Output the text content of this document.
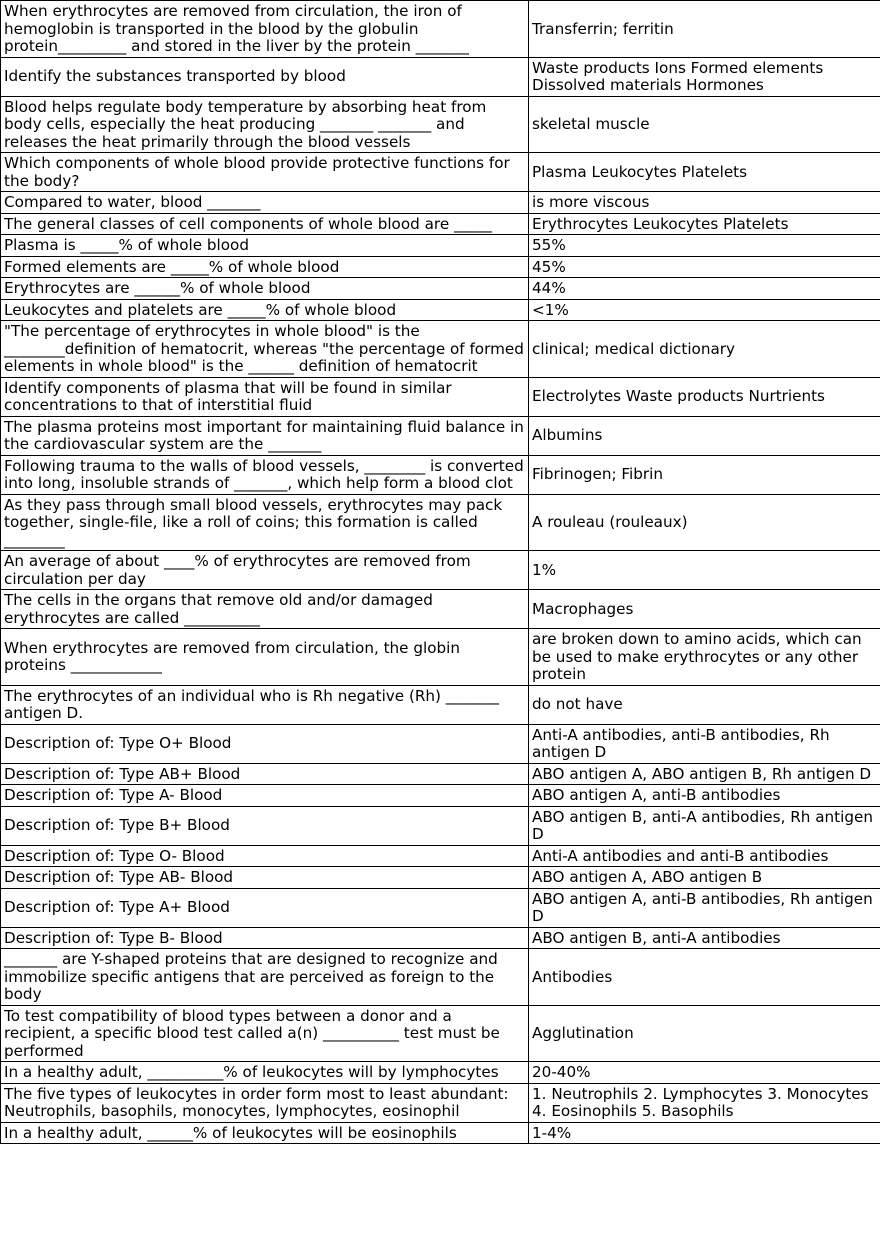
When erythrocytes are removed from circulation, the iron of hemoglobin is transported in the blood by the globulin protein_________ and stored in the liver by the protein _______	Transferrin; ferritin
Identify the substances transported by blood	Waste products Ions Formed elements Dissolved materials Hormones
Blood helps regulate body temperature by absorbing heat from body cells, especially the heat producing _______ _______ and releases the heat primarily through the blood vessels	skeletal muscle
Which components of whole blood provide protective functions for the body?	Plasma Leukocytes Platelets
Compared to water, blood _______	is more viscous
The general classes of cell components of whole blood are _____	Erythrocytes Leukocytes Platelets
Plasma is _____% of whole blood	55%
Formed elements are _____% of whole blood	45%
Erythrocytes are ______% of whole blood	44%
Leukocytes and platelets are _____% of whole blood	<1%
"The percentage of erythrocytes in whole blood" is the ________definition of hematocrit, whereas "the percentage of formed elements in whole blood" is the ______ definition of hematocrit	clinical; medical dictionary
Identify components of plasma that will be found in similar concentrations to that of interstitial fluid	Electrolytes Waste products Nurtrients
The plasma proteins most important for maintaining fluid balance in the cardiovascular system are the _______	Albumins
Following trauma to the walls of blood vessels, ________ is converted into long, insoluble strands of _______, which help form a blood clot	Fibrinogen; Fibrin
As they pass through small blood vessels, erythrocytes may pack together, single-file, like a roll of coins; this formation is called ________	A rouleau (rouleaux)
An average of about ____% of erythrocytes are removed from circulation per day	1%
The cells in the organs that remove old and/or damaged erythrocytes are called __________	Macrophages
When erythrocytes are removed from circulation, the globin proteins ____________	are broken down to amino acids, which can be used to make erythrocytes or any other protein
The erythrocytes of an individual who is Rh negative (Rh) _______ antigen D.	do not have
Description of: Type O+ Blood	Anti-A antibodies, anti-B antibodies, Rh antigen D
Description of: Type AB+ Blood	ABO antigen A, ABO antigen B, Rh antigen D
Description of: Type A- Blood	ABO antigen A, anti-B antibodies
Description of: Type B+ Blood	ABO antigen B, anti-A antibodies, Rh antigen D
Description of: Type O- Blood	Anti-A antibodies and anti-B antibodies
Description of: Type AB- Blood	ABO antigen A, ABO antigen B
Description of: Type A+ Blood	ABO antigen A, anti-B antibodies, Rh antigen D
Description of: Type B- Blood	ABO antigen B, anti-A antibodies
_______ are Y-shaped proteins that are designed to recognize and immobilize specific antigens that are perceived as foreign to the body	Antibodies
To test compatibility of blood types between a donor and a recipient, a specific blood test called a(n) __________ test must be performed	Agglutination
In a healthy adult, __________% of leukocytes will by lymphocytes	20-40%
The five types of leukocytes in order form most to least abundant: Neutrophils, basophils, monocytes, lymphocytes, eosinophil	1. Neutrophils 2. Lymphocytes 3. Monocytes 4. Eosinophils 5. Basophils
In a healthy adult, ______% of leukocytes will be eosinophils	1-4%
